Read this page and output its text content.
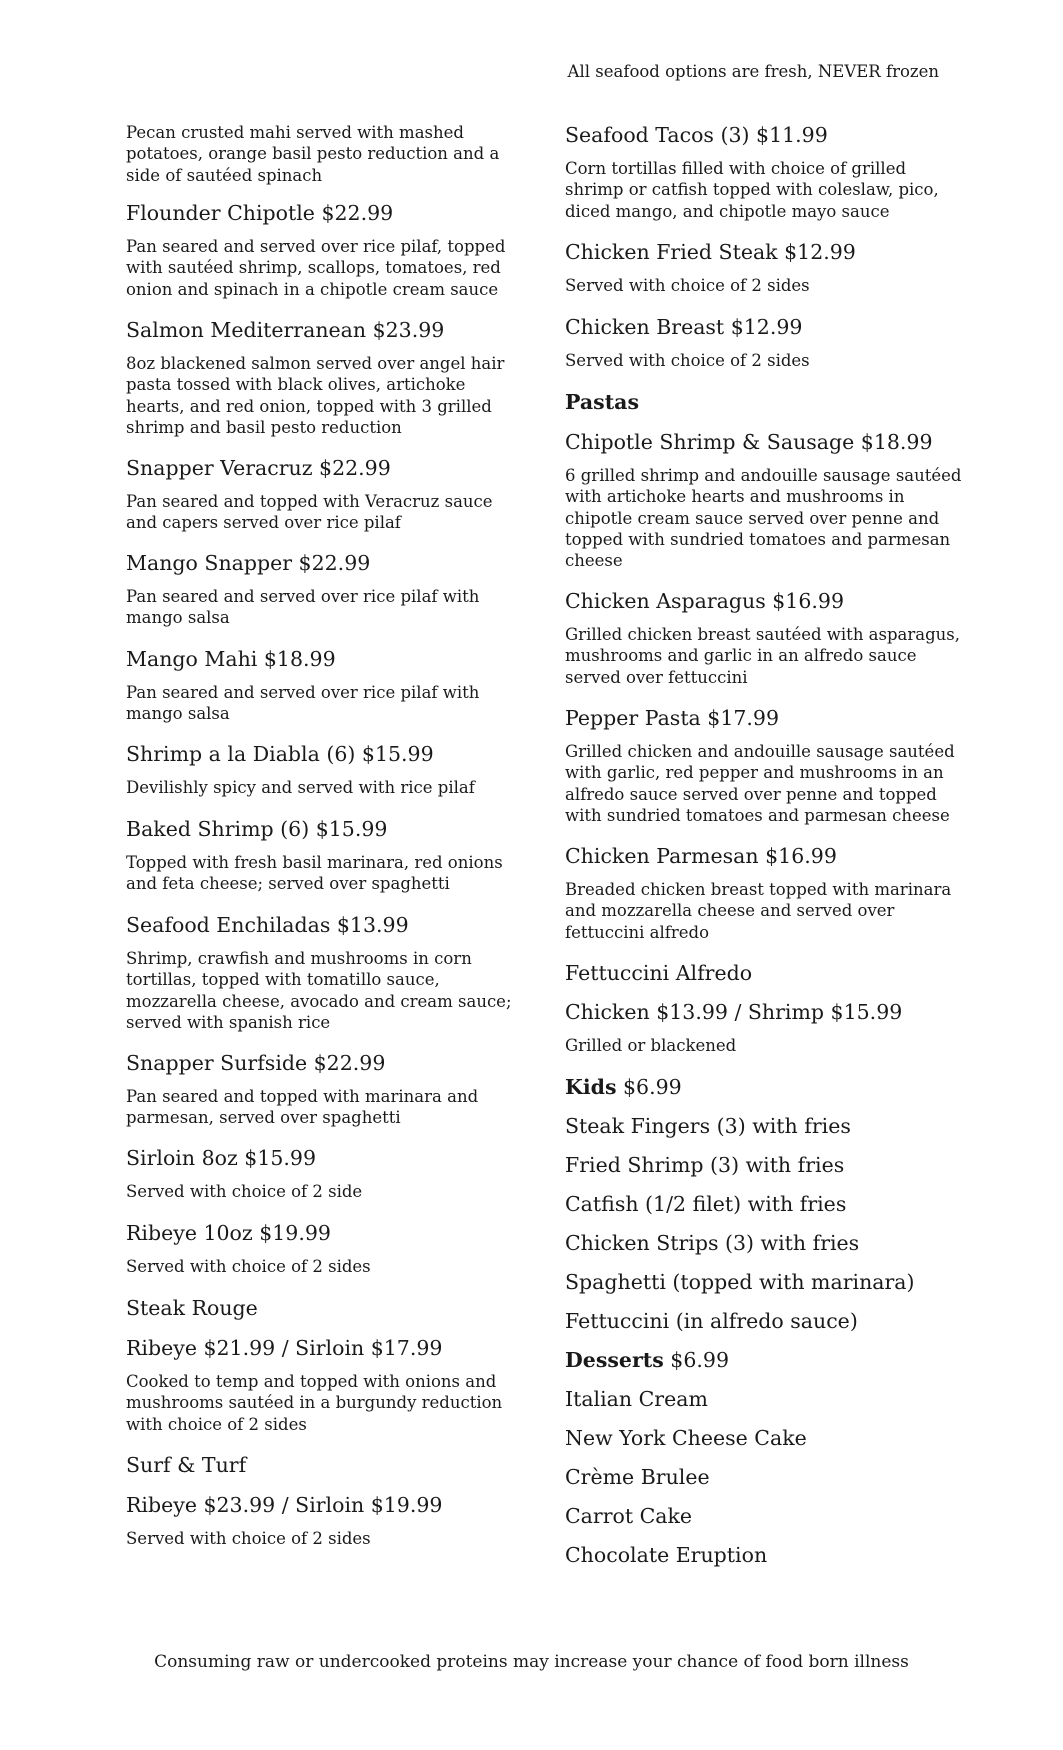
All seafood options are fresh, NEVER frozen
Pecan crusted mahi served with mashed potatoes, orange basil pesto reduction and a side of sautéed spinach
Flounder Chipotle $22.99
Pan seared and served over rice pilaf, topped with sautéed shrimp, scallops, tomatoes, red onion and spinach in a chipotle cream sauce
Salmon Mediterranean $23.99
8oz blackened salmon served over angel hair pasta tossed with black olives, artichoke hearts, and red onion, topped with 3 grilled shrimp and basil pesto reduction
Snapper Veracruz $22.99
Pan seared and topped with Veracruz sauce and capers served over rice pilaf
Mango Snapper $22.99
Pan seared and served over rice pilaf with mango salsa
Mango Mahi $18.99
Pan seared and served over rice pilaf with mango salsa
Shrimp a la Diabla (6) $15.99
Devilishly spicy and served with rice pilaf
Baked Shrimp (6) $15.99
Topped with fresh basil marinara, red onions and feta cheese; served over spaghetti
Seafood Enchiladas $13.99
Shrimp, crawfish and mushrooms in corn tortillas, topped with tomatillo sauce, mozzarella cheese, avocado and cream sauce; served with spanish rice
Snapper Surfside $22.99
Pan seared and topped with marinara and parmesan, served over spaghetti
Sirloin 8oz $15.99
Served with choice of 2 side
Ribeye 10oz $19.99
Served with choice of 2 sides
Steak Rouge
Ribeye $21.99 / Sirloin $17.99
Cooked to temp and topped with onions and mushrooms sautéed in a burgundy reduction with choice of 2 sides
Surf & Turf
Ribeye $23.99 / Sirloin $19.99
Served with choice of 2 sides
Seafood Tacos (3) $11.99
Corn tortillas filled with choice of grilled shrimp or catfish topped with coleslaw, pico, diced mango, and chipotle mayo sauce
Chicken Fried Steak $12.99
Served with choice of 2 sides
Chicken Breast $12.99
Served with choice of 2 sides
Pastas
Chipotle Shrimp & Sausage $18.99
6 grilled shrimp and andouille sausage sautéed with artichoke hearts and mushrooms in chipotle cream sauce served over penne and topped with sundried tomatoes and parmesan cheese
Chicken Asparagus $16.99
Grilled chicken breast sautéed with asparagus, mushrooms and garlic in an alfredo sauce served over fettuccini
Pepper Pasta $17.99
Grilled chicken and andouille sausage sautéed with garlic, red pepper and mushrooms in an alfredo sauce served over penne and topped with sundried tomatoes and parmesan cheese
Chicken Parmesan $16.99
Breaded chicken breast topped with marinara and mozzarella cheese and served over fettuccini alfredo
Fettuccini Alfredo
Chicken $13.99 / Shrimp $15.99
Grilled or blackened
Kids $6.99
Steak Fingers (3) with fries
Fried Shrimp (3) with fries
Catfish (1/2 filet) with fries
Chicken Strips (3) with fries
Spaghetti (topped with marinara)
Fettuccini (in alfredo sauce)
Desserts $6.99
Italian Cream
New York Cheese Cake
Crème Brulee
Carrot Cake
Chocolate Eruption
Consuming raw or undercooked proteins may increase your chance of food born illness
